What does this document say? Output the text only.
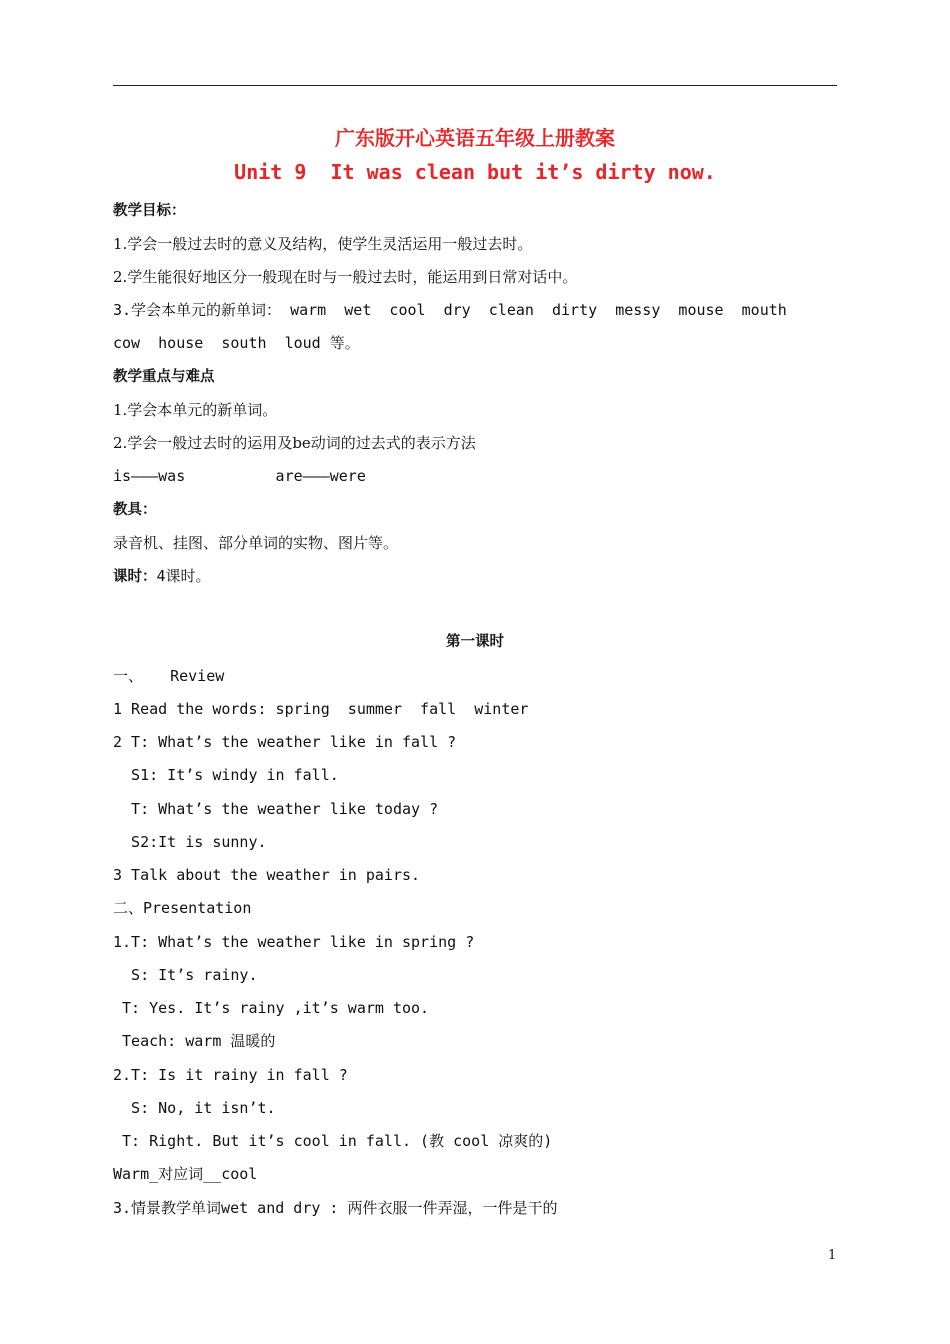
广东版开心英语五年级上册教案
Unit 9  It was clean but it’s dirty now.
教学目标：
1.学会一般过去时的意义及结构，使学生灵活运用一般过去时。
2.学生能很好地区分一般现在时与一般过去时，能运用到日常对话中。
3.学会本单元的新单词： warm  wet  cool  dry  clean  dirty  messy  mouse  mouth
cow  house  south  loud 等。
教学重点与难点
1.学会本单元的新单词。
2.学会一般过去时的运用及be动词的过去式的表示方法
is———was          are———were
教具：
录音机、挂图、部分单词的实物、图片等。
课时：4课时。
第一课时
一、   Review
1 Read the words: spring  summer  fall  winter
2 T: What’s the weather like in fall ?
S1: It’s windy in fall.
T: What’s the weather like today ?
S2:It is sunny.
3 Talk about the weather in pairs.
二、Presentation
1.T: What’s the weather like in spring ?
S: It’s rainy.
T: Yes. It’s rainy ,it’s warm too.
Teach: warm 温暖的
2.T: Is it rainy in fall ?
S: No, it isn’t.
T: Right. But it’s cool in fall. (教 cool 凉爽的)
Warm_对应词__cool
3.情景教学单词wet and dry : 两件衣服一件弄湿，一件是干的
1
